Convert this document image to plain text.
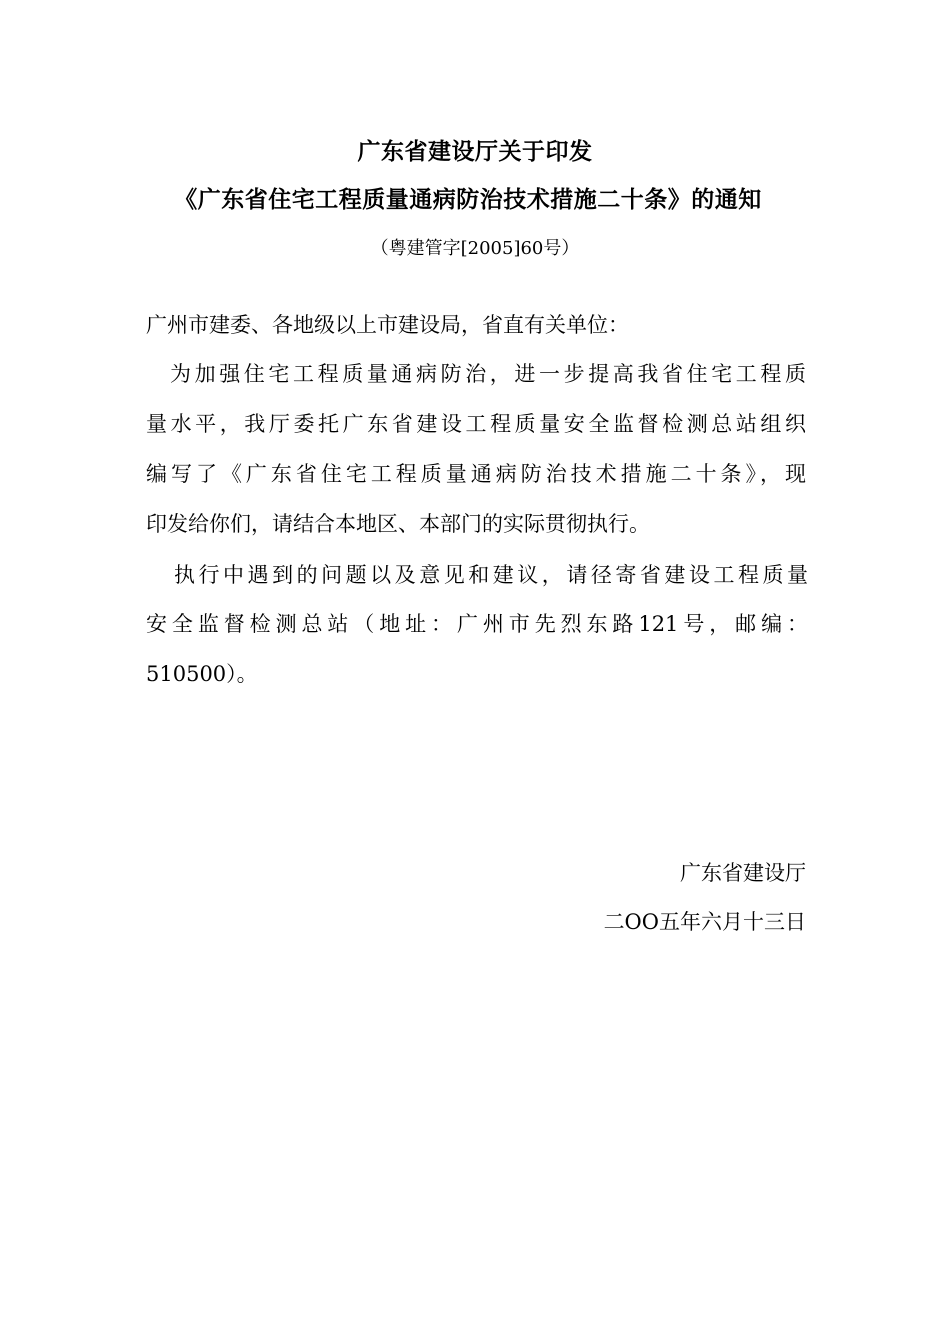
广东省建设厅关于印发
《广东省住宅工程质量通病防治技术措施二十条》的通知
（粤建管字[2005]60号）
广州市建委、各地级以上市建设局，省直有关单位：
为加强住宅工程质量通病防治，进一步提高我省住宅工程质
量水平，我厅委托广东省建设工程质量安全监督检测总站组织
编写了《广东省住宅工程质量通病防治技术措施二十条》，现
印发给你们，请结合本地区、本部门的实际贯彻执行。
执行中遇到的问题以及意见和建议，请径寄省建设工程质量
安全监督检测总站（地址：广州市先烈东路121号，邮编：
510500）。
广东省建设厅
二OO五年六月十三日
